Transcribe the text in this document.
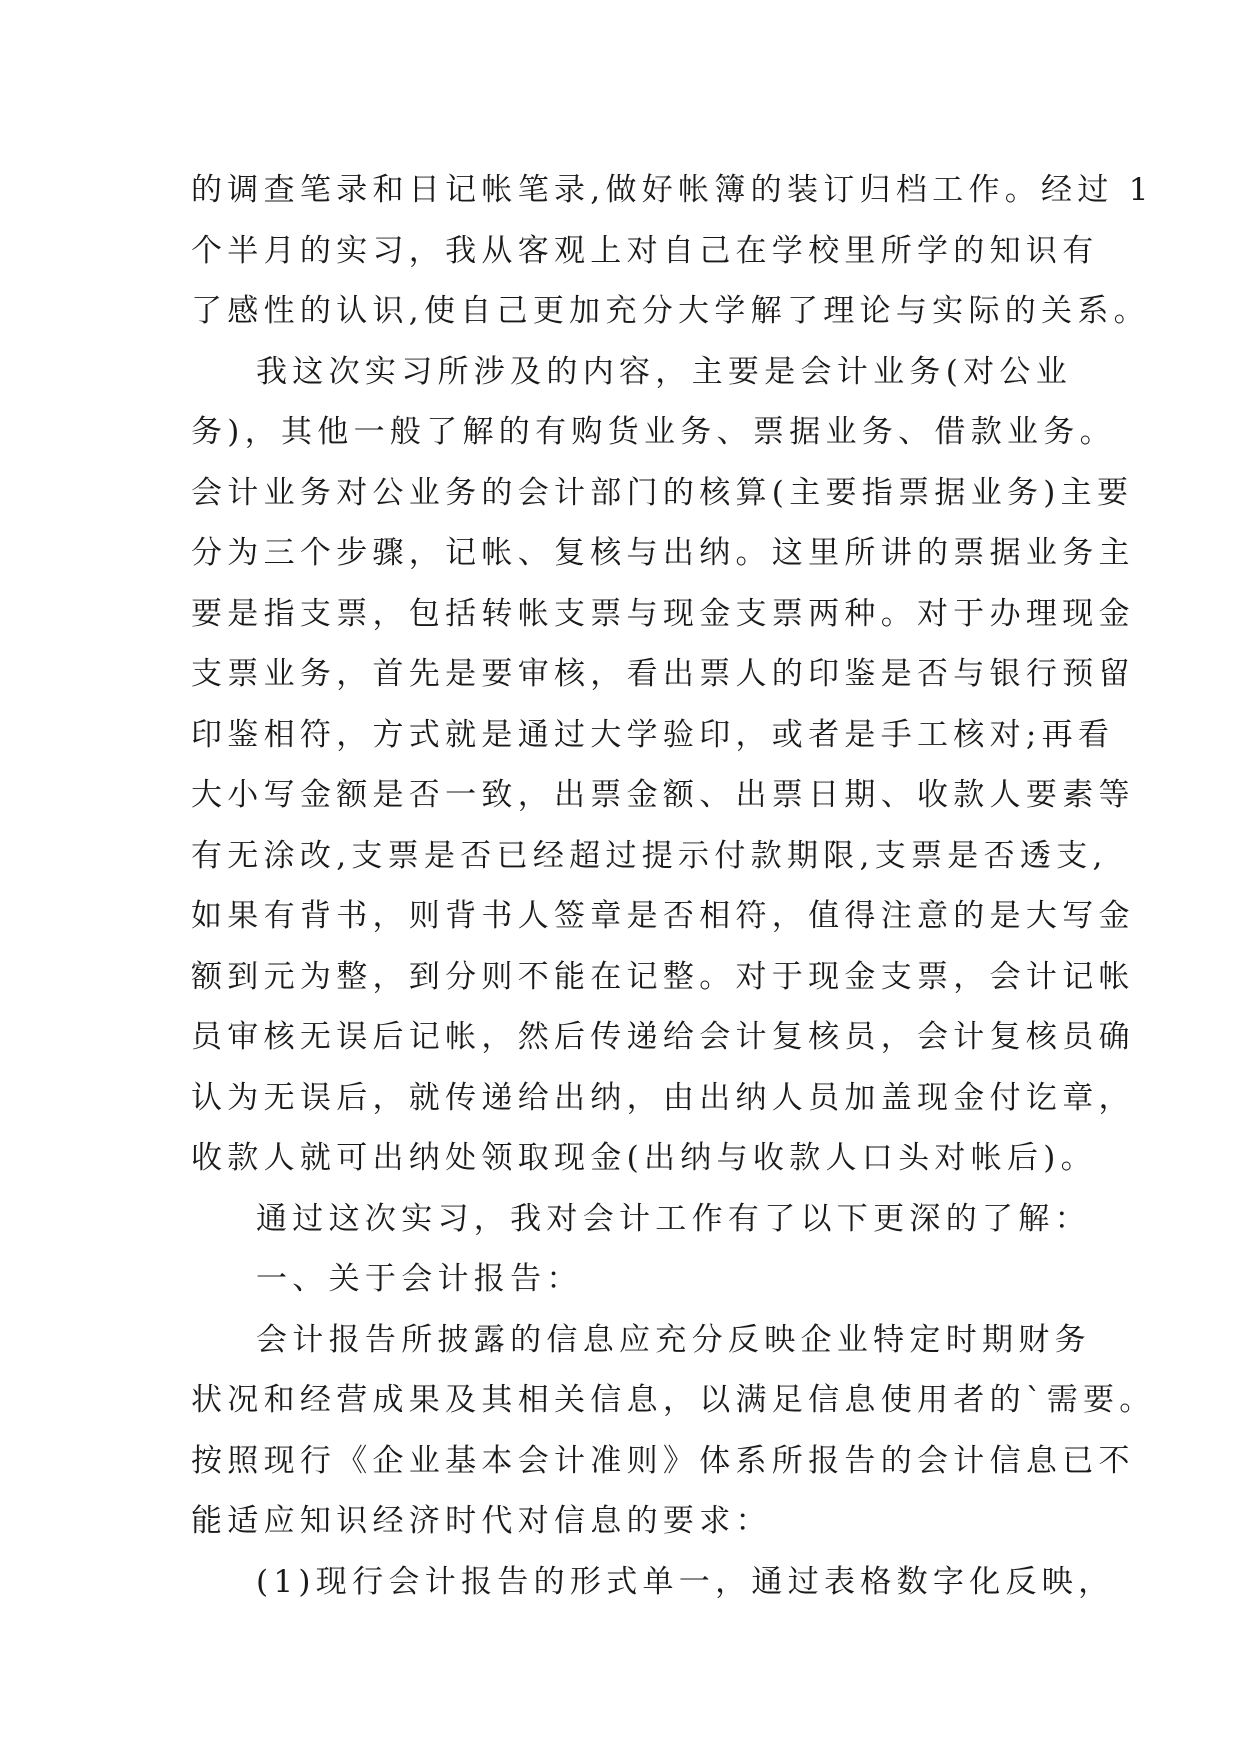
的调查笔录和日记帐笔录,做好帐簿的装订归档工作。经过 1
个半月的实习，我从客观上对自己在学校里所学的知识有
了感性的认识,使自己更加充分大学解了理论与实际的关系。
我这次实习所涉及的内容，主要是会计业务(对公业
务)，其他一般了解的有购货业务、票据业务、借款业务。
会计业务对公业务的会计部门的核算(主要指票据业务)主要
分为三个步骤，记帐、复核与出纳。这里所讲的票据业务主
要是指支票，包括转帐支票与现金支票两种。对于办理现金
支票业务，首先是要审核，看出票人的印鉴是否与银行预留
印鉴相符，方式就是通过大学验印，或者是手工核对;再看
大小写金额是否一致，出票金额、出票日期、收款人要素等
有无涂改,支票是否已经超过提示付款期限,支票是否透支,
如果有背书，则背书人签章是否相符，值得注意的是大写金
额到元为整，到分则不能在记整。对于现金支票，会计记帐
员审核无误后记帐，然后传递给会计复核员，会计复核员确
认为无误后，就传递给出纳，由出纳人员加盖现金付讫章，
收款人就可出纳处领取现金(出纳与收款人口头对帐后)。
通过这次实习，我对会计工作有了以下更深的了解：
一、关于会计报告：
会计报告所披露的信息应充分反映企业特定时期财务
状况和经营成果及其相关信息，以满足信息使用者的`需要。
按照现行《企业基本会计准则》体系所报告的会计信息已不
能适应知识经济时代对信息的要求：
(1)现行会计报告的形式单一，通过表格数字化反映，
